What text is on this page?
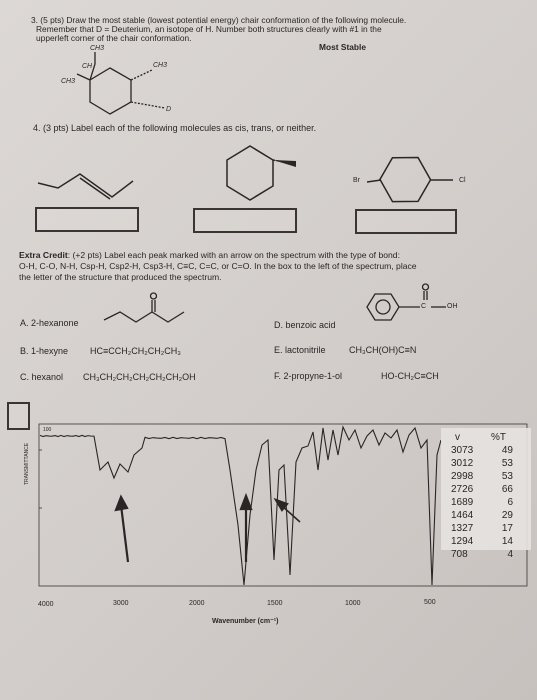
3. (5 pts) Draw the most stable (lowest potential energy) chair conformation of the following molecule.
Remember that D = Deuterium, an isotope of H. Number both structures clearly with #1 in the
upperleft corner of the chair conformation.
Most Stable
CH3
CH	CH3
CH3
D
4. (3 pts) Label each of the following molecules as cis, trans, or neither.
Br	Cl
Extra Credit: (+2 pts) Label each peak marked with an arrow on the spectrum with the type of bond:
O-H, C-O, N-H, Csp-H, Csp2-H, Csp3-H, C≡C, C=C, or C=O. In the box to the left of the spectrum, place
the letter of the structure that produced the spectrum.
A. 2-hexanone
C	OH
D. benzoic acid
B. 1-hexyne HC≡CCH₂CH₂CH₂CH₃	E. lactonitrile	CH₃CH(OH)C≡N
C. hexanol CH₃CH₂CH₂CH₂CH₂CH₂OH	F. 2-propyne-1-ol	HO-CH₂C≡CH
100
TRANSMITTANCE
4000	3000	2000	1500	1000	500
Wavenumber (cm⁻¹)
v	%T
3073	49
3012	53
2998	53
2726	66
1689	6
1464	29
1327	17
1294	14
708	4
